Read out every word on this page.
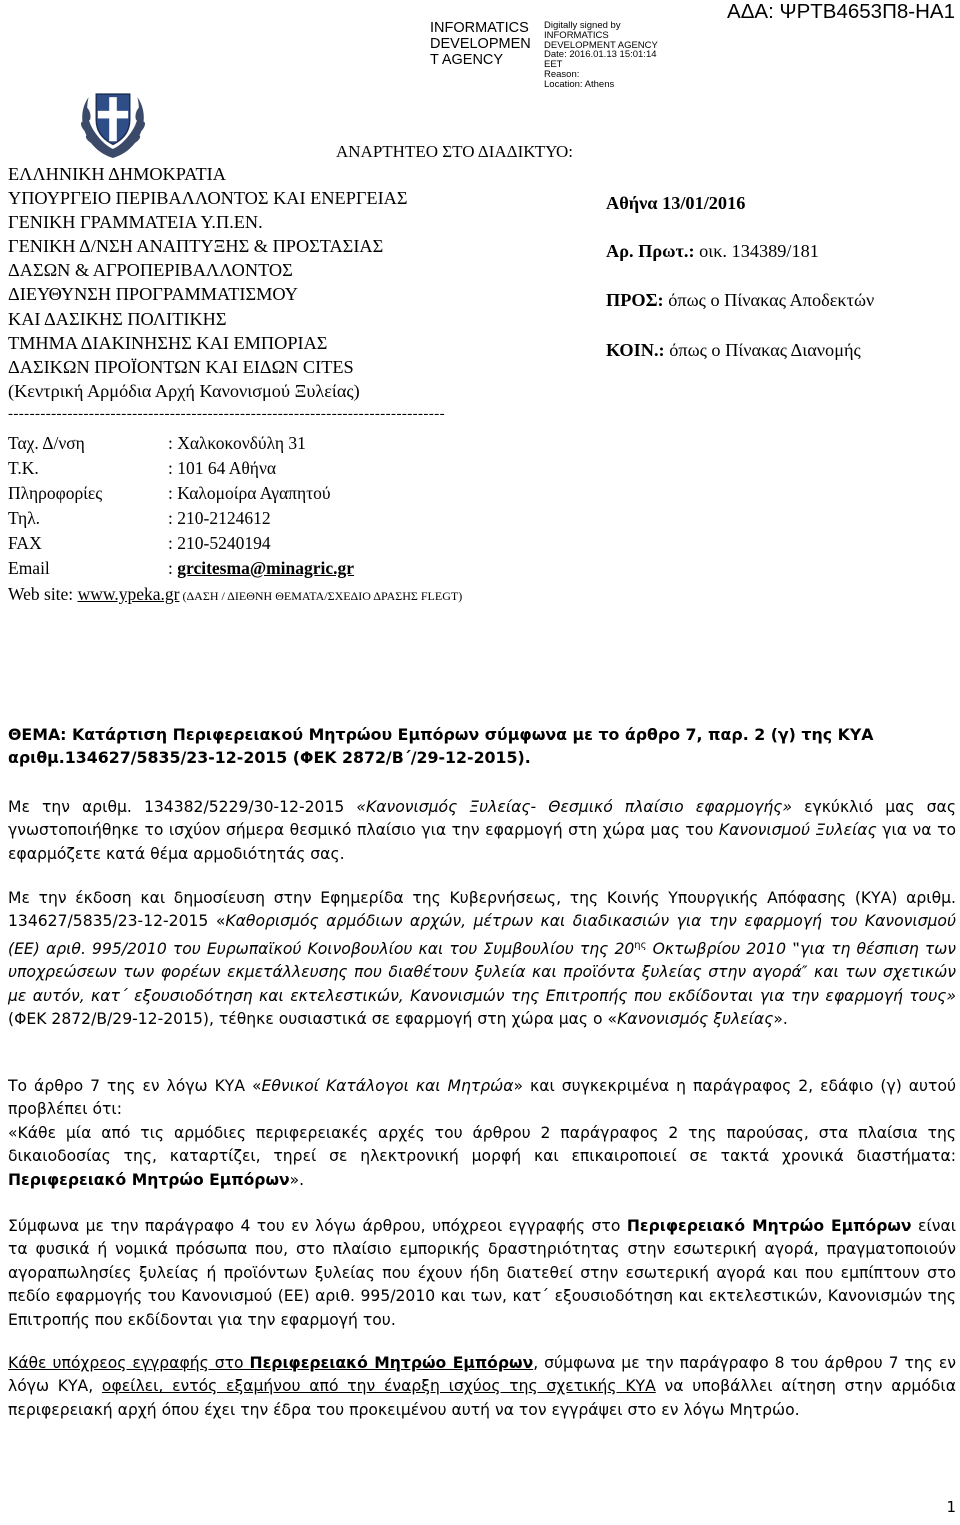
INFORMATICS
DEVELOPMEN
T AGENCY
Digitally signed by
INFORMATICS
DEVELOPMENT AGENCY
Date: 2016.01.13 15:01:14
EET
Reason:
Location: Athens
ΑΔΑ: ΨΡΤΒ4653Π8-ΗΑ1
ΑΝΑΡΤΗΤΕΟ ΣΤΟ ΔΙΑΔΙΚΤΥΟ:
ΕΛΛΗΝΙΚΗ ΔΗΜΟΚΡΑΤΙΑ
ΥΠΟΥΡΓΕΙΟ ΠΕΡΙΒΑΛΛΟΝΤΟΣ ΚΑΙ ΕΝΕΡΓΕΙΑΣ
ΓΕΝΙΚΗ ΓΡΑΜΜΑΤΕΙΑ Υ.Π.ΕΝ.
ΓΕΝΙΚΗ Δ/ΝΣΗ ΑΝΑΠΤΥΞΗΣ & ΠΡΟΣΤΑΣΙΑΣ
ΔΑΣΩΝ & ΑΓΡΟΠΕΡΙΒΑΛΛΟΝΤΟΣ
ΔΙΕΥΘΥΝΣΗ ΠΡΟΓΡΑΜΜΑΤΙΣΜΟΥ
ΚΑΙ ΔΑΣΙΚΗΣ ΠΟΛΙΤΙΚΗΣ
ΤΜΗΜΑ ΔΙΑΚΙΝΗΣΗΣ ΚΑΙ ΕΜΠΟΡΙΑΣ
ΔΑΣΙΚΩΝ ΠΡΟΪΟΝΤΩΝ ΚΑΙ ΕΙΔΩΝ CITES
(Κεντρική Αρμόδια Αρχή Κανονισμού Ξυλείας)
---------------------------------------------------------------------------------
Ταχ. Δ/νση	: Χαλκοκονδύλη 31
Τ.Κ.	: 101 64 Αθήνα
Πληροφορίες	: Καλομοίρα Αγαπητού
Τηλ.	: 210-2124612
FAX	: 210-5240194
Email	: grcitesma@minagric.gr
Web site: www.ypeka.gr (ΔΑΣΗ / ΔΙΕΘΝΗ ΘΕΜΑΤΑ/ΣΧΕΔΙΟ ΔΡΑΣΗΣ FLEGT)
Αθήνα 13/01/2016
Αρ. Πρωτ.: οικ. 134389/181
ΠΡΟΣ: όπως ο Πίνακας Αποδεκτών
ΚΟΙΝ.: όπως ο Πίνακας Διανομής
ΘΕΜΑ: Κατάρτιση Περιφερειακού Μητρώου Εμπόρων σύμφωνα με το άρθρο 7, παρ. 2 (γ) της ΚΥΑ αριθμ.134627/5835/23-12-2015 (ΦΕΚ 2872/Β΄/29-12-2015).
Με την αριθμ. 134382/5229/30-12-2015 «Κανονισμός Ξυλείας- Θεσμικό πλαίσιο εφαρμογής» εγκύκλιό μας σας γνωστοποιήθηκε το ισχύον σήμερα θεσμικό πλαίσιο για την εφαρμογή στη χώρα μας του Κανονισμού Ξυλείας για να το εφαρμόζετε κατά θέμα αρμοδιότητάς σας.
Με την έκδοση και δημοσίευση στην Εφημερίδα της Κυβερνήσεως, της Κοινής Υπουργικής Απόφασης (ΚΥΑ) αριθμ. 134627/5835/23-12-2015 «Καθορισμός αρμόδιων αρχών, μέτρων και διαδικασιών για την εφαρμογή του Κανονισμού (ΕΕ) αριθ. 995/2010 του Ευρωπαϊκού Κοινοβουλίου και του Συμβουλίου της $20^{\eta\varsigma}$ Οκτωβρίου 2010 ‟για τη θέσπιση των υποχρεώσεων των φορέων εκμετάλλευσης που διαθέτουν ξυλεία και προϊόντα ξυλείας στην αγορά″ και των σχετικών με αυτόν, κατ΄ εξουσιοδότηση και εκτελεστικών, Κανονισμών της Επιτροπής που εκδίδονται για την εφαρμογή τους» (ΦΕΚ 2872/Β/29-12-2015), τέθηκε ουσιαστικά σε εφαρμογή στη χώρα μας ο «Κανονισμός ξυλείας».
Το άρθρο 7 της εν λόγω ΚΥΑ «Εθνικοί Κατάλογοι και Μητρώα» και συγκεκριμένα η παράγραφος 2, εδάφιο (γ) αυτού προβλέπει ότι:
«Κάθε μία από τις αρμόδιες περιφερειακές αρχές του άρθρου 2 παράγραφος 2 της παρούσας, στα πλαίσια της δικαιοδοσίας της, καταρτίζει, τηρεί σε ηλεκτρονική μορφή και επικαιροποιεί σε τακτά χρονικά διαστήματα: Περιφερειακό Μητρώο Εμπόρων».
Σύμφωνα με την παράγραφο 4 του εν λόγω άρθρου, υπόχρεοι εγγραφής στο Περιφερειακό Μητρώο Εμπόρων είναι τα φυσικά ή νομικά πρόσωπα που, στο πλαίσιο εμπορικής δραστηριότητας στην εσωτερική αγορά, πραγματοποιούν αγοραπωλησίες ξυλείας ή προϊόντων ξυλείας που έχουν ήδη διατεθεί στην εσωτερική αγορά και που εμπίπτουν στο πεδίο εφαρμογής του Κανονισμού (ΕΕ) αριθ. 995/2010 και των, κατ΄ εξουσιοδότηση και εκτελεστικών, Κανονισμών της Επιτροπής που εκδίδονται για την εφαρμογή του.
Κάθε υπόχρεος εγγραφής στο Περιφερειακό Μητρώο Εμπόρων, σύμφωνα με την παράγραφο 8 του άρθρου 7 της εν λόγω ΚΥΑ, οφείλει, εντός εξαμήνου από την έναρξη ισχύος της σχετικής ΚΥΑ να υποβάλλει αίτηση στην αρμόδια περιφερειακή αρχή όπου έχει την έδρα του προκειμένου αυτή να τον εγγράψει στο εν λόγω Μητρώο.
1
